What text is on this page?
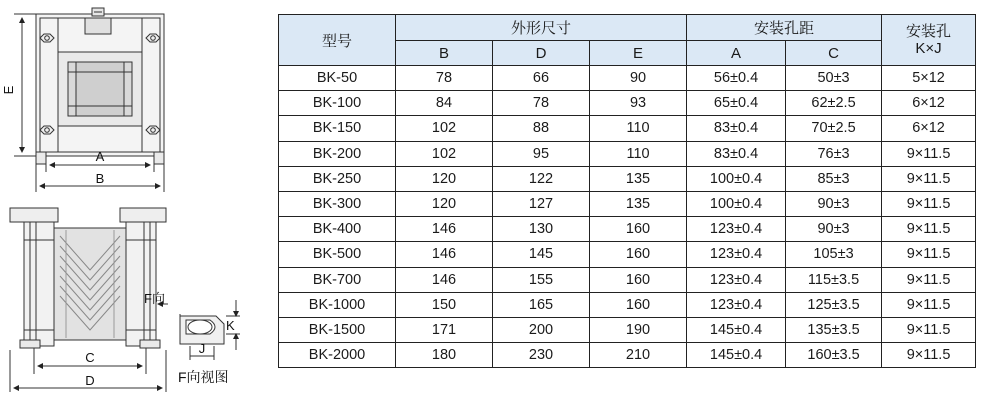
E
A
B
F向
C
D
K
J
F向视图
型号	外形尺寸			安装孔距		安装孔
K×J
	B	D	E	A	C	
BK-50	78	66	90	56±0.4	50±3	5×12
BK-100	84	78	93	65±0.4	62±2.5	6×12
BK-150	102	88	110	83±0.4	70±2.5	6×12
BK-200	102	95	110	83±0.4	76±3	9×11.5
BK-250	120	122	135	100±0.4	85±3	9×11.5
BK-300	120	127	135	100±0.4	90±3	9×11.5
BK-400	146	130	160	123±0.4	90±3	9×11.5
BK-500	146	145	160	123±0.4	105±3	9×11.5
BK-700	146	155	160	123±0.4	115±3.5	9×11.5
BK-1000	150	165	160	123±0.4	125±3.5	9×11.5
BK-1500	171	200	190	145±0.4	135±3.5	9×11.5
BK-2000	180	230	210	145±0.4	160±3.5	9×11.5
